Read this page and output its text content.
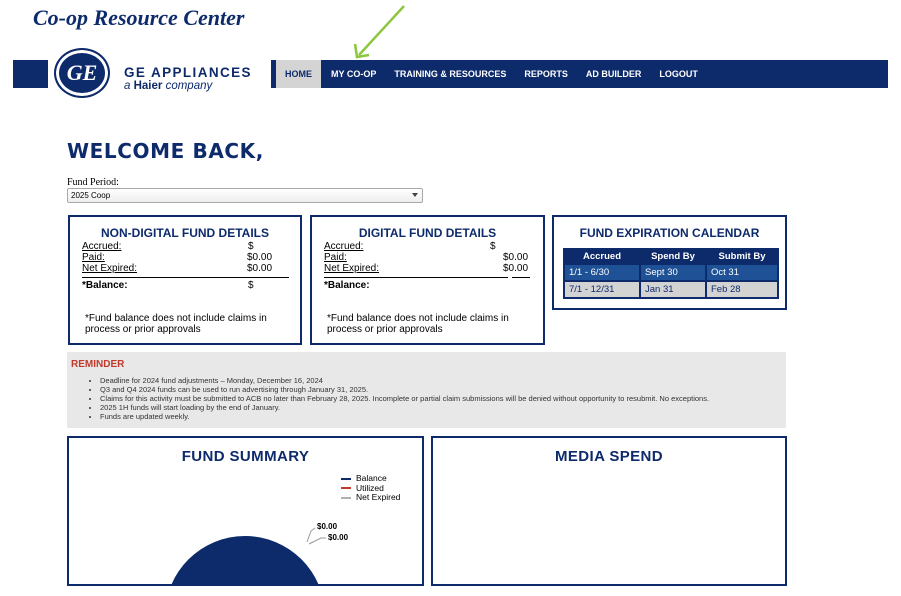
Co-op Resource Center
GE GE APPLIANCES
a Haier company
HOME	MY CO-OP	TRAINING & RESOURCES	REPORTS	AD BUILDER	LOGOUT
WELCOME BACK,
Fund Period:
2025 Coop
NON-DIGITAL FUND DETAILS
Accrued:	$
Paid:	$0.00
Net Expired:	$0.00
*Balance:	$
*Fund balance does not include claims in process or prior approvals
DIGITAL FUND DETAILS
Accrued:	$
Paid:	$0.00
Net Expired:	$0.00
*Balance:
*Fund balance does not include claims in process or prior approvals
FUND EXPIRATION CALENDAR
Accrued	Spend By	Submit By
1/1 - 6/30	Sept 30	Oct 31
7/1 - 12/31	Jan 31	Feb 28
REMINDER
• Deadline for 2024 fund adjustments – Monday, December 16, 2024
• Q3 and Q4 2024 funds can be used to run advertising through January 31, 2025.
• Claims for this activity must be submitted to ACB no later than February 28, 2025. Incomplete or partial claim submissions will be denied without opportunity to resubmit. No exceptions.
• 2025 1H funds will start loading by the end of January.
• Funds are updated weekly.
FUND SUMMARY
Balance
Utilized
Net Expired
$0.00
$0.00
MEDIA SPEND
